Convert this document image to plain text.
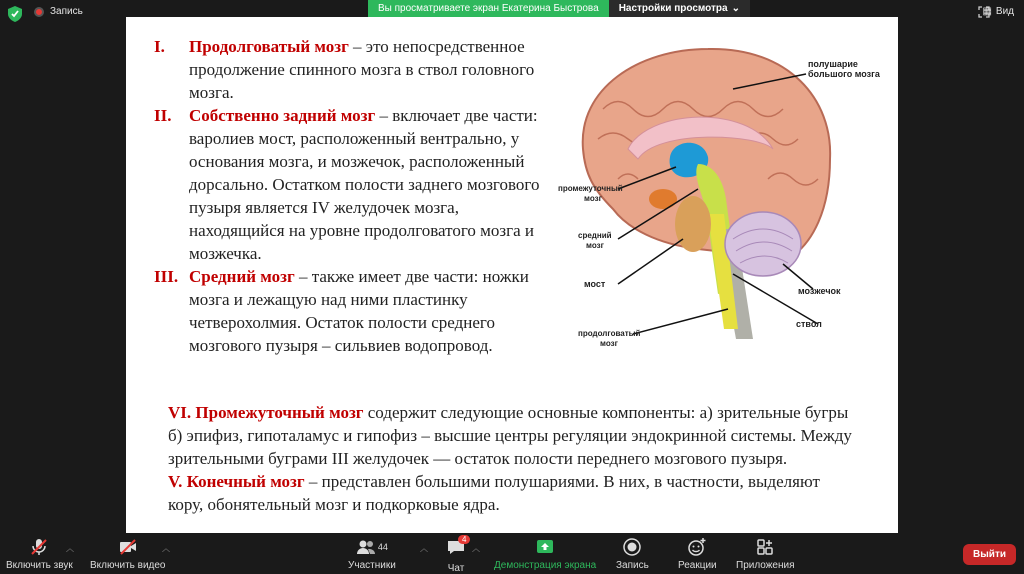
Запись	Вы просматриваете экран Екатерина Быстрова	Настройки просмотра ⌄	▦ Вид
I.	Продолговатый мозг – это непосредственное продолжение спинного мозга в ствол головного мозга.
II.	Собственно задний мозг – включает две части: варолиев мост, расположенный вентрально, у основания мозга, и мозжечок, расположенный дорсально. Остатком полости заднего мозгового пузыря является IV желудочек мозга, находящийся на уровне продолговатого мозга и мозжечка.
III. Средний мозг – также имеет две части: ножки мозга и лежащую над ними пластинку четверохолмия. Остаток полости среднего мозгового пузыря – сильвиев водопровод.
полушарие
большого мозга
промежуточный
мозг
средний
мозг
мост
мозжечок
ствол
продолговатый
мозг
VI. Промежуточный мозг содержит следующие основные компоненты: а) зрительные бугры б) эпифиз, гипоталамус и гипофиз – высшие центры регуляции эндокринной системы. Между зрительными буграми III желудочек — остаток полости переднего мозгового пузыря.
V. Конечный мозг – представлен большими полушариями. В них, в частности, выделяют кору, обонятельный мозг и подкорковые ядра.
Включить звук
︿
Включить видео
︿	44
Участники
︿
4
Чат
︿
Демонстрация экрана Запись	Реакции Приложения
Выйти
